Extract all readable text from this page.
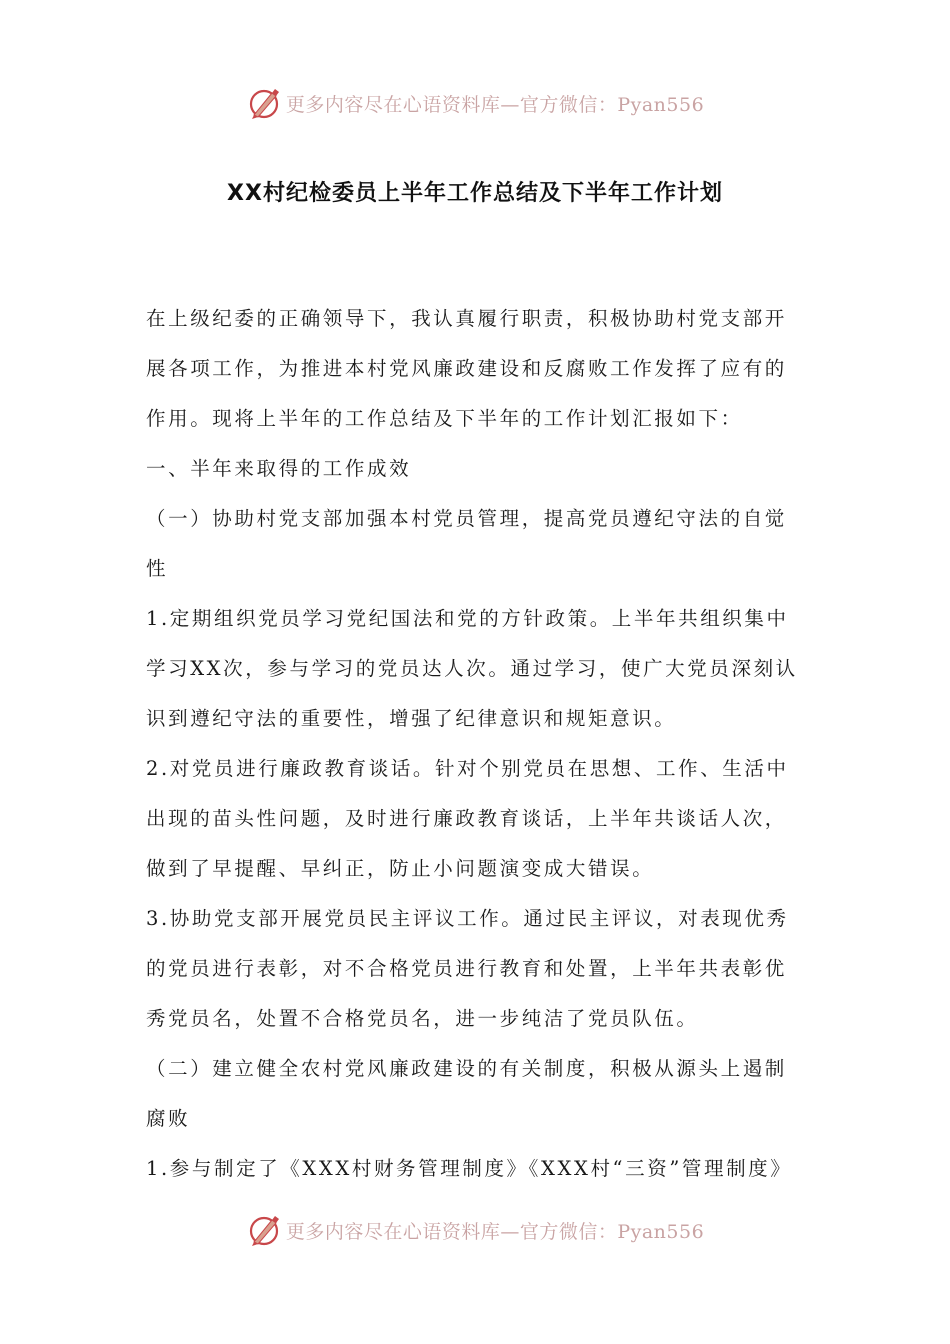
更多内容尽在心语资料库—官方微信：Pyan556
XX村纪检委员上半年工作总结及下半年工作计划
在上级纪委的正确领导下，我认真履行职责，积极协助村党支部开
展各项工作，为推进本村党风廉政建设和反腐败工作发挥了应有的
作用。现将上半年的工作总结及下半年的工作计划汇报如下：
一、半年来取得的工作成效
（一）协助村党支部加强本村党员管理，提高党员遵纪守法的自觉
性
1.定期组织党员学习党纪国法和党的方针政策。上半年共组织集中
学习XX次，参与学习的党员达人次。通过学习，使广大党员深刻认
识到遵纪守法的重要性，增强了纪律意识和规矩意识。
2.对党员进行廉政教育谈话。针对个别党员在思想、工作、生活中
出现的苗头性问题，及时进行廉政教育谈话，上半年共谈话人次，
做到了早提醒、早纠正，防止小问题演变成大错误。
3.协助党支部开展党员民主评议工作。通过民主评议，对表现优秀
的党员进行表彰，对不合格党员进行教育和处置，上半年共表彰优
秀党员名，处置不合格党员名，进一步纯洁了党员队伍。
（二）建立健全农村党风廉政建设的有关制度，积极从源头上遏制
腐败
1.参与制定了《XXX村财务管理制度》《XXX村“三资”管理制度》
更多内容尽在心语资料库—官方微信：Pyan556
